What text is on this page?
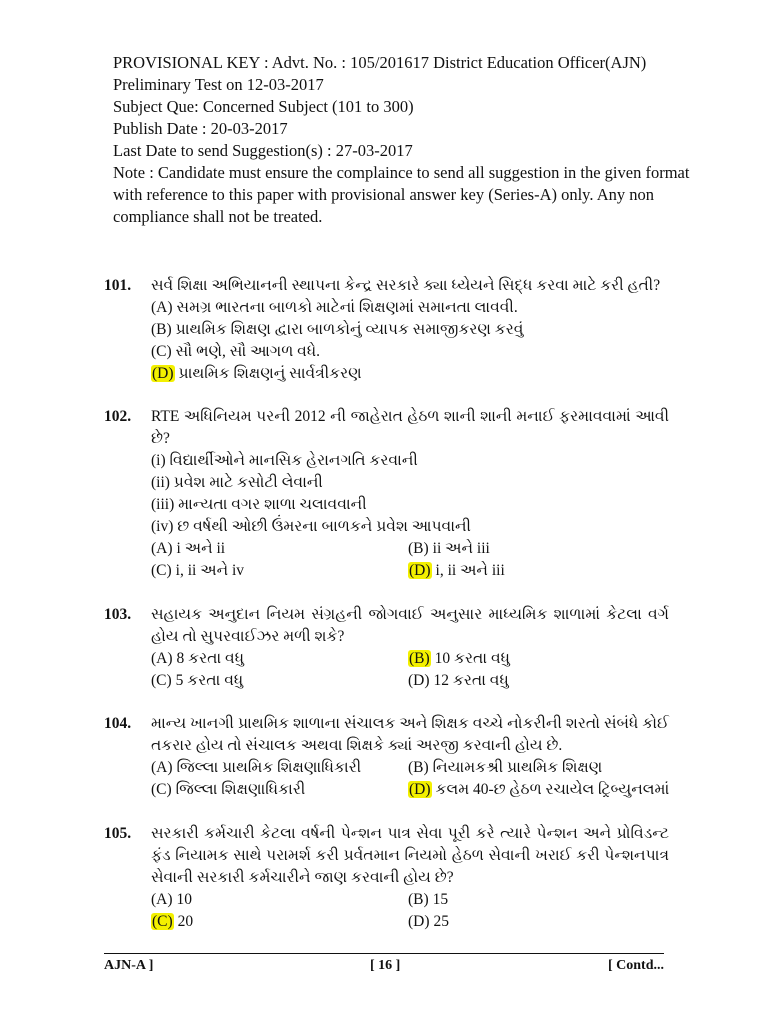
PROVISIONAL KEY : Advt. No. : 105/201617 District Education Officer(AJN)
Preliminary Test on 12-03-2017
Subject Que: Concerned Subject (101 to 300)
Publish Date : 20-03-2017
Last Date to send Suggestion(s) : 27-03-2017
Note : Candidate must ensure the complaince to send all suggestion in the given format with reference to this paper with provisional answer key (Series-A) only. Any non compliance shall not be treated.
101. સર્વ શિક્ષા અભિયાનની સ્થાપના કેન્દ્ર સરકારે ક્યા ધ્યેયને સિદ્ધ કરવા માટે કરી હતી?
(A) સમગ્ર ભારતના બાળકો માટેનાં શિક્ષણમાં સમાનતા લાવવી.
(B) પ્રાથમિક શિક્ષણ દ્વારા બાળકોનું વ્યાપક સમાજીકરણ કરવું
(C) સૌ ભણે, સૌ આગળ વધે.
(D) પ્રાથમિક શિક્ષણનું સાર્વત્રીકરણ
102. RTE અધિનિયમ પરની 2012 ની જાહેરાત હેઠળ શાની શાની મનાઈ ફરમાવવામાં આવી છે?
(i) વિદ્યાર્થીઓને માનસિક હેરાનગતિ કરવાની
(ii) પ્રવેશ માટે કસોટી લેવાની
(iii) માન્યતા વગર શાળા ચલાવવાની
(iv) છ વર્ષથી ઓછી ઉંમરના બાળકને પ્રવેશ આપવાની
(A) i અને ii	(B) ii અને iii
(C) i, ii અને iv	(D) i, ii અને iii
103. સહાયક અનુદાન નિયમ સંગ્રહની જોગવાઈ અનુસાર માધ્યમિક શાળામાં કેટલા વર્ગ હોય તો સુપરવાઈઝર મળી શકે?
(A) 8 કરતા વધુ	(B) 10 કરતા વધુ
(C) 5 કરતા વધુ	(D) 12 કરતા વધુ
104. માન્ય ખાનગી પ્રાથમિક શાળાના સંચાલક અને શિક્ષક વચ્ચે નોકરીની શરતો સંબંધે કોઈ તકરાર હોય તો સંચાલક અથવા શિક્ષકે ક્યાં અરજી કરવાની હોય છે.
(A) જિલ્લા પ્રાથમિક શિક્ષણાધિકારી	(B) નિયામકશ્રી પ્રાથમિક શિક્ષણ
(C) જિલ્લા શિક્ષણાધિકારી	(D) કલમ 40-છ હેઠળ રચાયેલ ટ્રિબ્યુનલમાં
105. સરકારી કર્મચારી કેટલા વર્ષની પેન્શન પાત્ર સેવા પૂરી કરે ત્યારે પેન્શન અને પ્રોવિડન્ટ ફંડ નિયામક સાથે પરામર્શ કરી પ્રર્વતમાન નિયમો હેઠળ સેવાની ખરાઈ કરી પેન્શનપાત્ર સેવાની સરકારી કર્મચારીને જાણ કરવાની હોય છે?
(A) 10	(B) 15
(C) 20	(D) 25
AJN-A ]	[ 16 ]	[ Contd...
